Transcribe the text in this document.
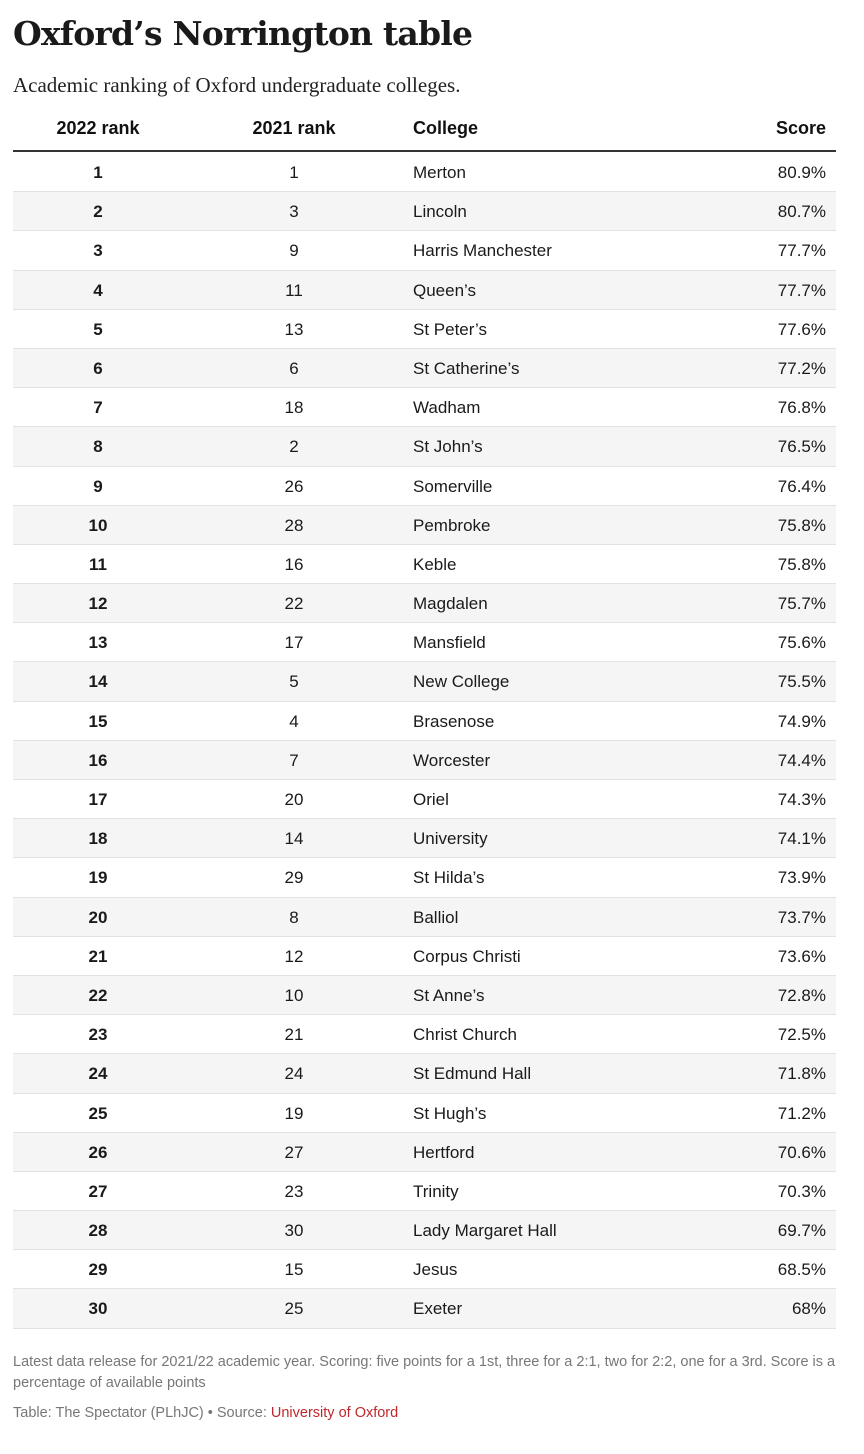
Oxford’s Norrington table
Academic ranking of Oxford undergraduate colleges.
2022 rank	2021 rank	College	Score
1	1	Merton	80.9%
2	3	Lincoln	80.7%
3	9	Harris Manchester	77.7%
4	11	Queen’s	77.7%
5	13	St Peter’s	77.6%
6	6	St Catherine’s	77.2%
7	18	Wadham	76.8%
8	2	St John’s	76.5%
9	26	Somerville	76.4%
10	28	Pembroke	75.8%
11	16	Keble	75.8%
12	22	Magdalen	75.7%
13	17	Mansfield	75.6%
14	5	New College	75.5%
15	4	Brasenose	74.9%
16	7	Worcester	74.4%
17	20	Oriel	74.3%
18	14	University	74.1%
19	29	St Hilda’s	73.9%
20	8	Balliol	73.7%
21	12	Corpus Christi	73.6%
22	10	St Anne’s	72.8%
23	21	Christ Church	72.5%
24	24	St Edmund Hall	71.8%
25	19	St Hugh’s	71.2%
26	27	Hertford	70.6%
27	23	Trinity	70.3%
28	30	Lady Margaret Hall	69.7%
29	15	Jesus	68.5%
30	25	Exeter	68%
Latest data release for 2021/22 academic year. Scoring: five points for a 1st, three for a 2:1, two for 2:2, one for a 3rd. Score is a percentage of available points
Table: The Spectator (PLhJC) • Source: University of Oxford
